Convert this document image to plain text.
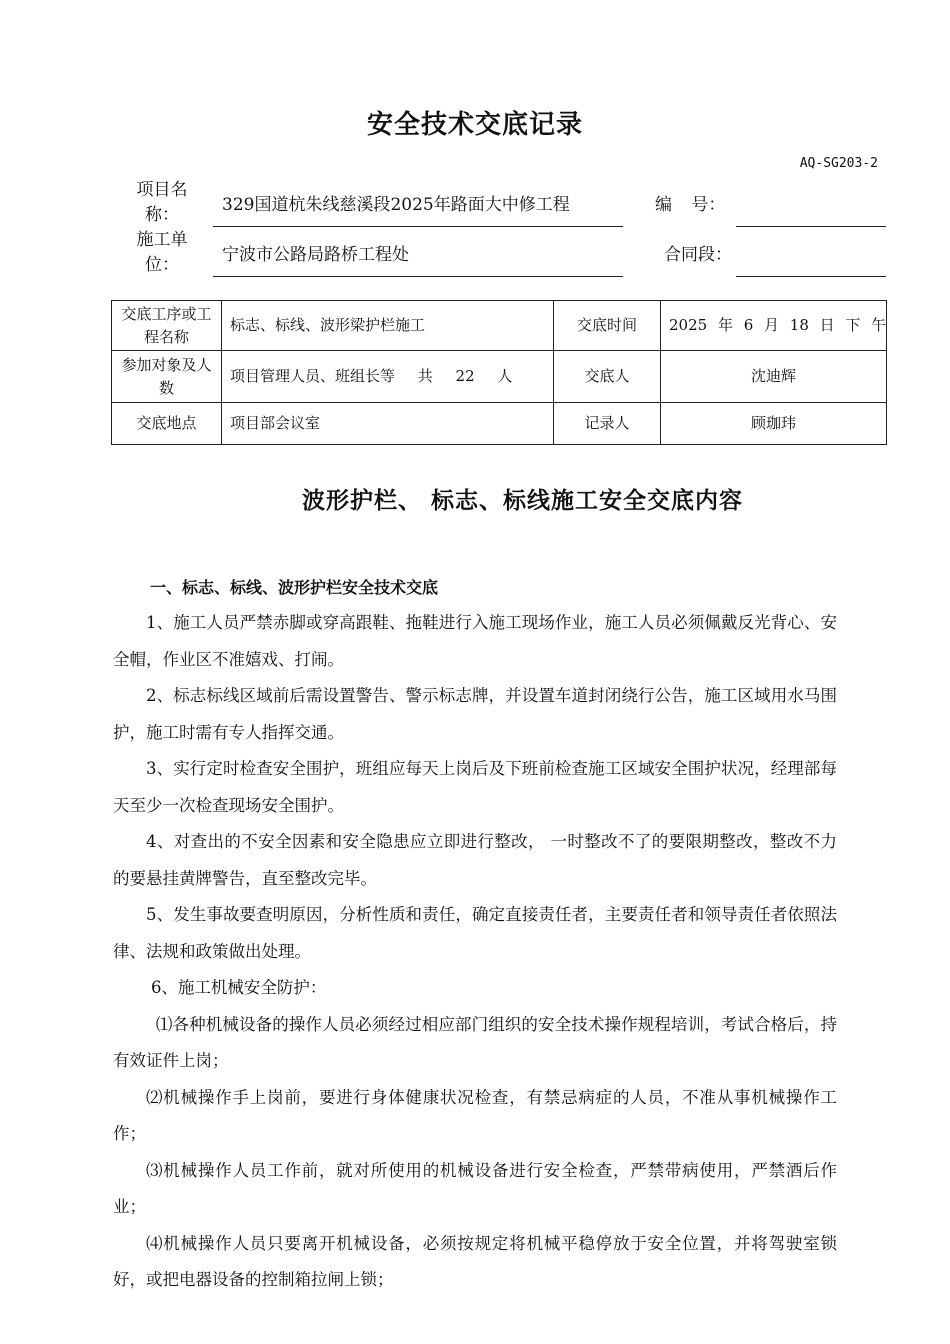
安全技术交底记录
AQ-SG203-2
项目名称：	329国道杭朱线慈溪段2025年路面大中修工程	编 号：
施工单位：	宁波市公路局路桥工程处	合同段：
交底工序或工程名称	标志、标线、波形梁护栏施工	交底时间	2025 年 6 月 18 日 下 午
参加对象及人数	项目管理人员、班组长等 共 22 人	交底人	沈迪辉
交底地点	项目部会议室	记录人	顾珈玮
波形护栏、 标志、标线施工安全交底内容
一、标志、标线、波形护栏安全技术交底

1、施工人员严禁赤脚或穿高跟鞋、拖鞋进行入施工现场作业，施工人员必须佩戴反光背心、安全帽，作业区不准嬉戏、打闹。

2、标志标线区域前后需设置警告、警示标志牌，并设置车道封闭绕行公告，施工区域用水马围护，施工时需有专人指挥交通。

3、实行定时检查安全围护，班组应每天上岗后及下班前检查施工区域安全围护状况，经理部每天至少一次检查现场安全围护。

4、对查出的不安全因素和安全隐患应立即进行整改， 一时整改不了的要限期整改，整改不力的要悬挂黄牌警告，直至整改完毕。

5、发生事故要查明原因，分析性质和责任，确定直接责任者，主要责任者和领导责任者依照法律、法规和政策做出处理。

6、施工机械安全防护：

⑴各种机械设备的操作人员必须经过相应部门组织的安全技术操作规程培训，考试合格后，持有效证件上岗；

⑵机械操作手上岗前，要进行身体健康状况检查，有禁忌病症的人员，不准从事机械操作工作；

⑶机械操作人员工作前，就对所使用的机械设备进行安全检查，严禁带病使用，严禁酒后作业；

⑷机械操作人员只要离开机械设备，必须按规定将机械平稳停放于安全位置，并将驾驶室锁好，或把电器设备的控制箱拉闸上锁；
